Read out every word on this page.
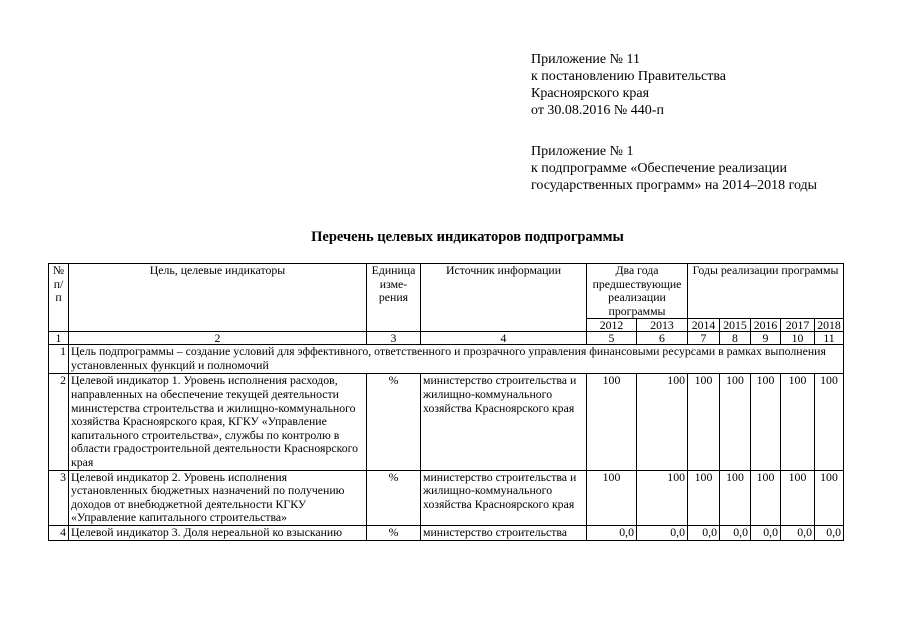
Приложение № 11
к постановлению Правительства
Красноярского края
от 30.08.2016 № 440-п
Приложение № 1
к подпрограмме «Обеспечение реализации
государственных программ» на 2014–2018 годы
Перечень целевых индикаторов подпрограммы
№ п/п	Цель, целевые индикаторы	Единица изме-рения	Источник информации	Два года предшествующие реализации программы		Годы реализации программы				
				2012	2013	2014	2015	2016	2017	2018
1	2	3	4	5	6	7	8	9	10	11
1	Цель подпрограммы – создание условий для эффективного, ответственного и прозрачного управления финансовыми ресурсами в рамках выполнения установленных функций и полномочий									
2	Целевой индикатор 1. Уровень исполнения расходов, направленных на обеспечение текущей деятельности министерства строительства и жилищно-коммунального хозяйства Красноярского края, КГКУ «Управление капитального строительства», службы по контролю в области градостроительной деятельности Красноярского края	%	министерство строительства и жилищно-коммунального хозяйства Красноярского края	100	100	100	100	100	100	100
3	Целевой индикатор 2. Уровень исполнения установленных бюджетных назначений по получению доходов от внебюджетной деятельности КГКУ «Управление капитального строительства»	%	министерство строительства и жилищно-коммунального хозяйства Красноярского края	100	100	100	100	100	100	100
4	Целевой индикатор 3. Доля нереальной ко взысканию	%	министерство строительства	0,0	0,0	0,0	0,0	0,0	0,0	0,0
